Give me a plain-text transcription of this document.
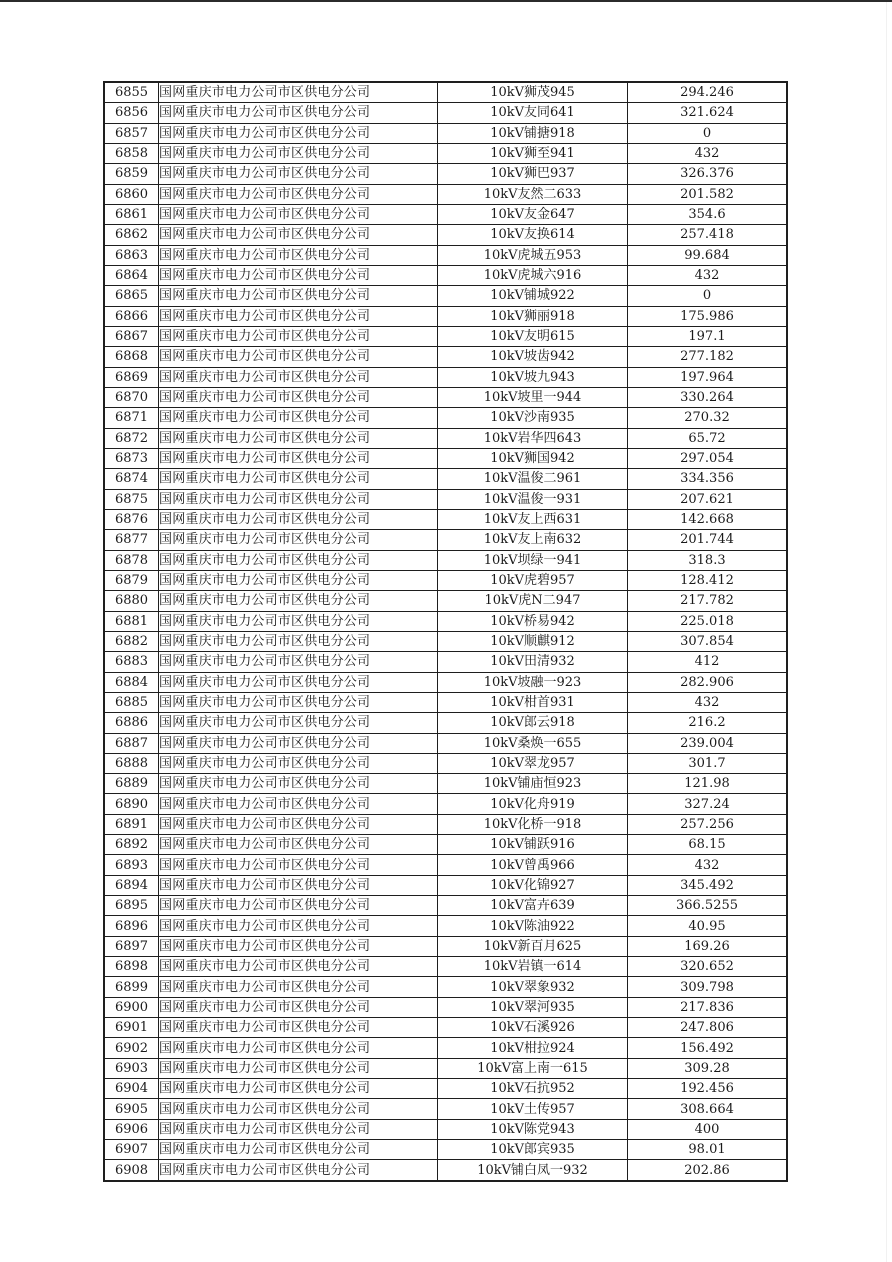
6855	国网重庆市电力公司市区供电分公司	10kV狮茂945	294.246
6856	国网重庆市电力公司市区供电分公司	10kV友同641	321.624
6857	国网重庆市电力公司市区供电分公司	10kV铺搪918	0
6858	国网重庆市电力公司市区供电分公司	10kV狮至941	432
6859	国网重庆市电力公司市区供电分公司	10kV狮巴937	326.376
6860	国网重庆市电力公司市区供电分公司	10kV友然二633	201.582
6861	国网重庆市电力公司市区供电分公司	10kV友金647	354.6
6862	国网重庆市电力公司市区供电分公司	10kV友换614	257.418
6863	国网重庆市电力公司市区供电分公司	10kV虎城五953	99.684
6864	国网重庆市电力公司市区供电分公司	10kV虎城六916	432
6865	国网重庆市电力公司市区供电分公司	10kV铺城922	0
6866	国网重庆市电力公司市区供电分公司	10kV狮丽918	175.986
6867	国网重庆市电力公司市区供电分公司	10kV友明615	197.1
6868	国网重庆市电力公司市区供电分公司	10kV坡齿942	277.182
6869	国网重庆市电力公司市区供电分公司	10kV坡九943	197.964
6870	国网重庆市电力公司市区供电分公司	10kV坡里一944	330.264
6871	国网重庆市电力公司市区供电分公司	10kV沙南935	270.32
6872	国网重庆市电力公司市区供电分公司	10kV岩华四643	65.72
6873	国网重庆市电力公司市区供电分公司	10kV狮国942	297.054
6874	国网重庆市电力公司市区供电分公司	10kV温俊二961	334.356
6875	国网重庆市电力公司市区供电分公司	10kV温俊一931	207.621
6876	国网重庆市电力公司市区供电分公司	10kV友上西631	142.668
6877	国网重庆市电力公司市区供电分公司	10kV友上南632	201.744
6878	国网重庆市电力公司市区供电分公司	10kV坝绿一941	318.3
6879	国网重庆市电力公司市区供电分公司	10kV虎碧957	128.412
6880	国网重庆市电力公司市区供电分公司	10kV虎N二947	217.782
6881	国网重庆市电力公司市区供电分公司	10kV桥易942	225.018
6882	国网重庆市电力公司市区供电分公司	10kV顺麒912	307.854
6883	国网重庆市电力公司市区供电分公司	10kV田清932	412
6884	国网重庆市电力公司市区供电分公司	10kV坡融一923	282.906
6885	国网重庆市电力公司市区供电分公司	10kV柑首931	432
6886	国网重庆市电力公司市区供电分公司	10kV郎云918	216.2
6887	国网重庆市电力公司市区供电分公司	10kV桑焕一655	239.004
6888	国网重庆市电力公司市区供电分公司	10kV翠龙957	301.7
6889	国网重庆市电力公司市区供电分公司	10kV铺庙恒923	121.98
6890	国网重庆市电力公司市区供电分公司	10kV化舟919	327.24
6891	国网重庆市电力公司市区供电分公司	10kV化桥一918	257.256
6892	国网重庆市电力公司市区供电分公司	10kV铺跃916	68.15
6893	国网重庆市电力公司市区供电分公司	10kV曾禹966	432
6894	国网重庆市电力公司市区供电分公司	10kV化锦927	345.492
6895	国网重庆市电力公司市区供电分公司	10kV富卉639	366.5255
6896	国网重庆市电力公司市区供电分公司	10kV陈油922	40.95
6897	国网重庆市电力公司市区供电分公司	10kV新百月625	169.26
6898	国网重庆市电力公司市区供电分公司	10kV岩镇一614	320.652
6899	国网重庆市电力公司市区供电分公司	10kV翠象932	309.798
6900	国网重庆市电力公司市区供电分公司	10kV翠河935	217.836
6901	国网重庆市电力公司市区供电分公司	10kV石溪926	247.806
6902	国网重庆市电力公司市区供电分公司	10kV柑拉924	156.492
6903	国网重庆市电力公司市区供电分公司	10kV富上南一615	309.28
6904	国网重庆市电力公司市区供电分公司	10kV石抗952	192.456
6905	国网重庆市电力公司市区供电分公司	10kV土传957	308.664
6906	国网重庆市电力公司市区供电分公司	10kV陈党943	400
6907	国网重庆市电力公司市区供电分公司	10kV郎宾935	98.01
6908	国网重庆市电力公司市区供电分公司	10kV铺白凤一932	202.86
